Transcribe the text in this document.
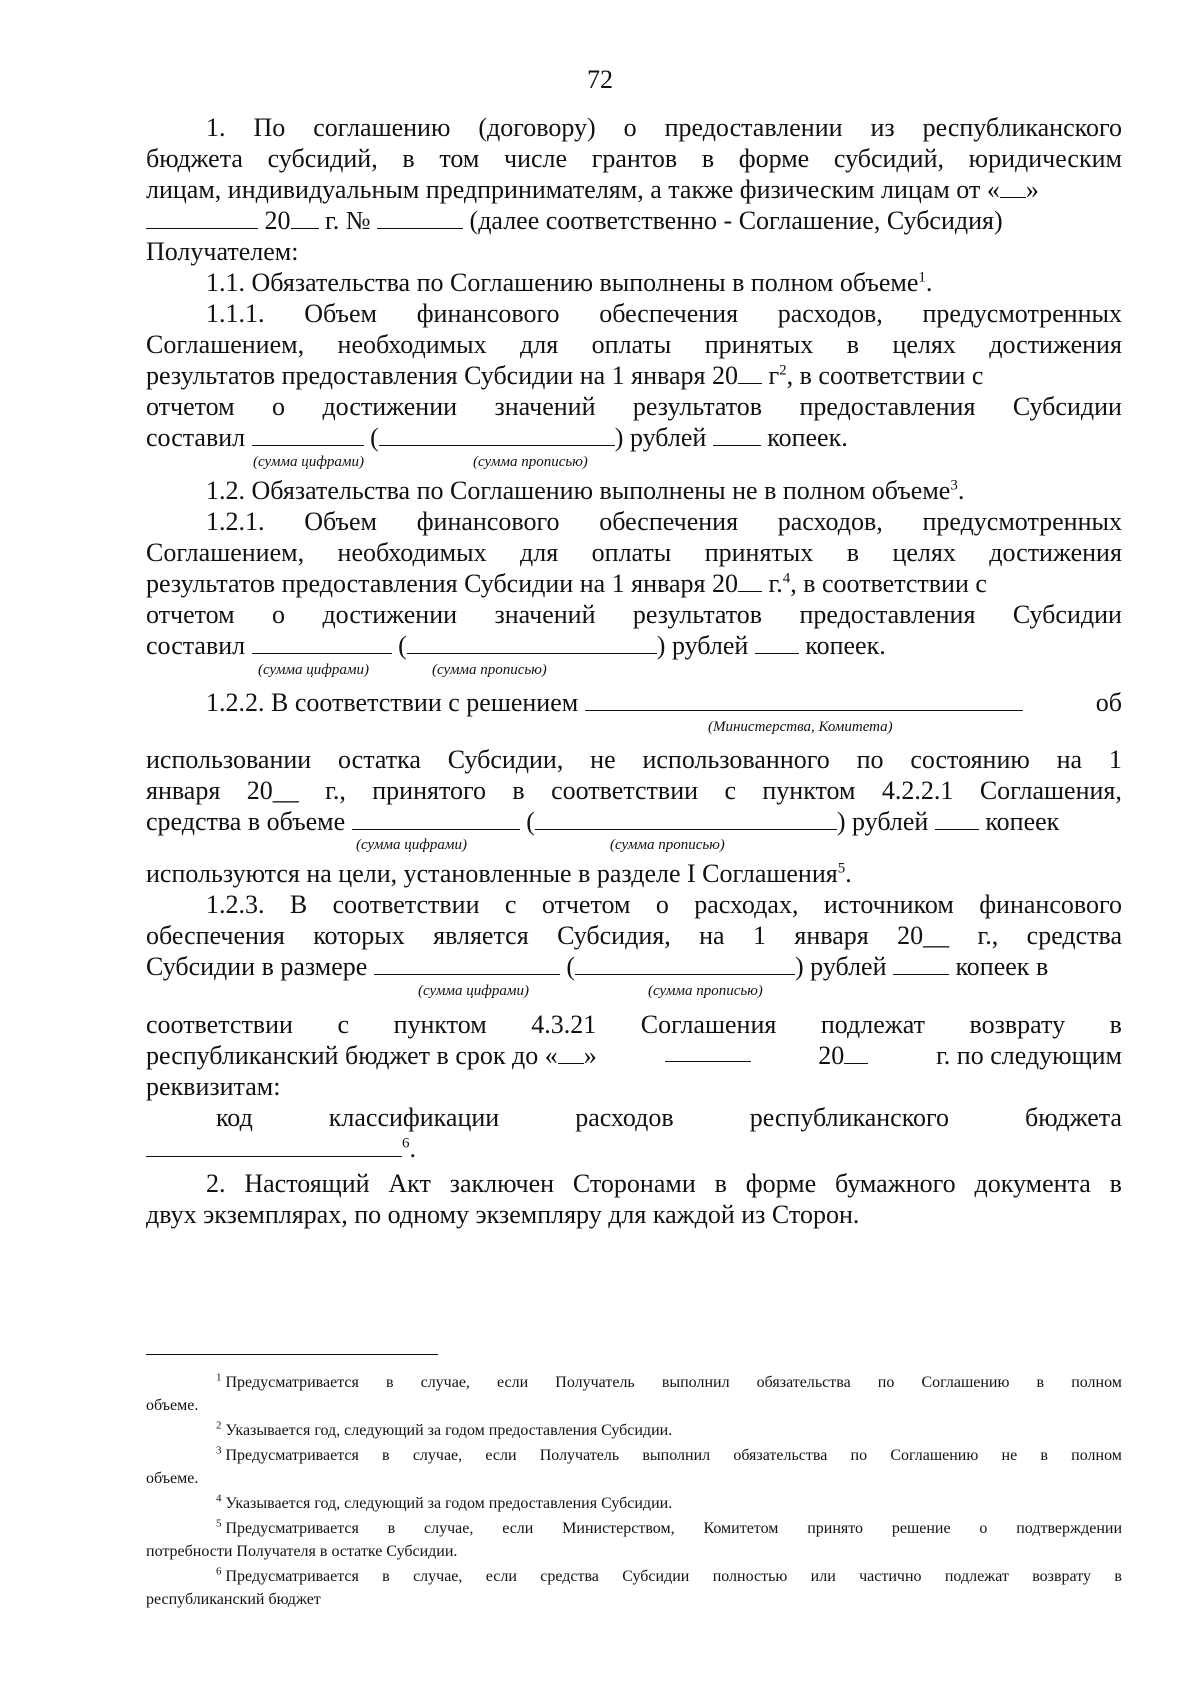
72
1. По соглашению (договору) о предоставлении из республиканского
бюджета субсидий, в том числе грантов в форме субсидий, юридическим
лицам, индивидуальным предпринимателям, а также физическим лицам от « »
20 г. №	(далее соответственно - Соглашение, Субсидия)
Получателем:
1.1. Обязательства по Соглашению выполнены в полном объеме$^1$.
1.1.1. Объем финансового обеспечения расходов, предусмотренных
Соглашением, необходимых для оплаты принятых в целях достижения
результатов предоставления Субсидии на 1 января 20 $г^2$, в соответствии с
отчетом о достижении значений результатов предоставления Субсидии
составил	(	) рублей копеек.
(сумма цифрами)	(сумма прописью)
1.2. Обязательства по Соглашению выполнены не в полном объеме$^3$.
1.2.1. Объем финансового обеспечения расходов, предусмотренных
Соглашением, необходимых для оплаты принятых в целях достижения
результатов предоставления Субсидии на 1 января 20 г.$^4$, в соответствии с
отчетом о достижении значений результатов предоставления Субсидии
составил	(	) рублей копеек.
(сумма цифрами)	(сумма прописью)
1.2.2. В соответствии с решением	об
(Министерства, Комитета)
использовании остатка Субсидии, не использованного по состоянию на 1
января 20__ г., принятого в соответствии с пунктом 4.2.2.1 Соглашения,
средства в объеме	(	) рублей копеек
(сумма цифрами)	(сумма прописью)
используются на цели, установленные в разделе I Соглашения$^5$.
1.2.3. В соответствии с отчетом о расходах, источником финансового
обеспечения которых является Субсидия, на 1 января 20__ г., средства
Субсидии в размере	(	) рублей	копеек в
(сумма цифрами)	(сумма прописью)
соответствии с пунктом 4.3.21 Соглашения подлежат возврату в
республиканский бюджет в срок до « »	20	г. по следующим
реквизитам:
код	классификации	расходов	республиканского	бюджета
$^6$.
2. Настоящий Акт заключен Сторонами в форме бумажного документа в
двух экземплярах, по одному экземпляру для каждой из Сторон.
$^1$ Предусматривается в случае, если Получатель выполнил обязательства по Соглашению в полном
объеме.
$^2$ Указывается год, следующий за годом предоставления Субсидии.
$^3$ Предусматривается в случае, если Получатель выполнил обязательства по Соглашению не в полном
объеме.
$^4$ Указывается год, следующий за годом предоставления Субсидии.
$^5$ Предусматривается в случае, если Министерством, Комитетом принято решение о подтверждении
потребности Получателя в остатке Субсидии.
$^6$ Предусматривается в случае, если средства Субсидии полностью или частично подлежат возврату в
республиканский бюджет
